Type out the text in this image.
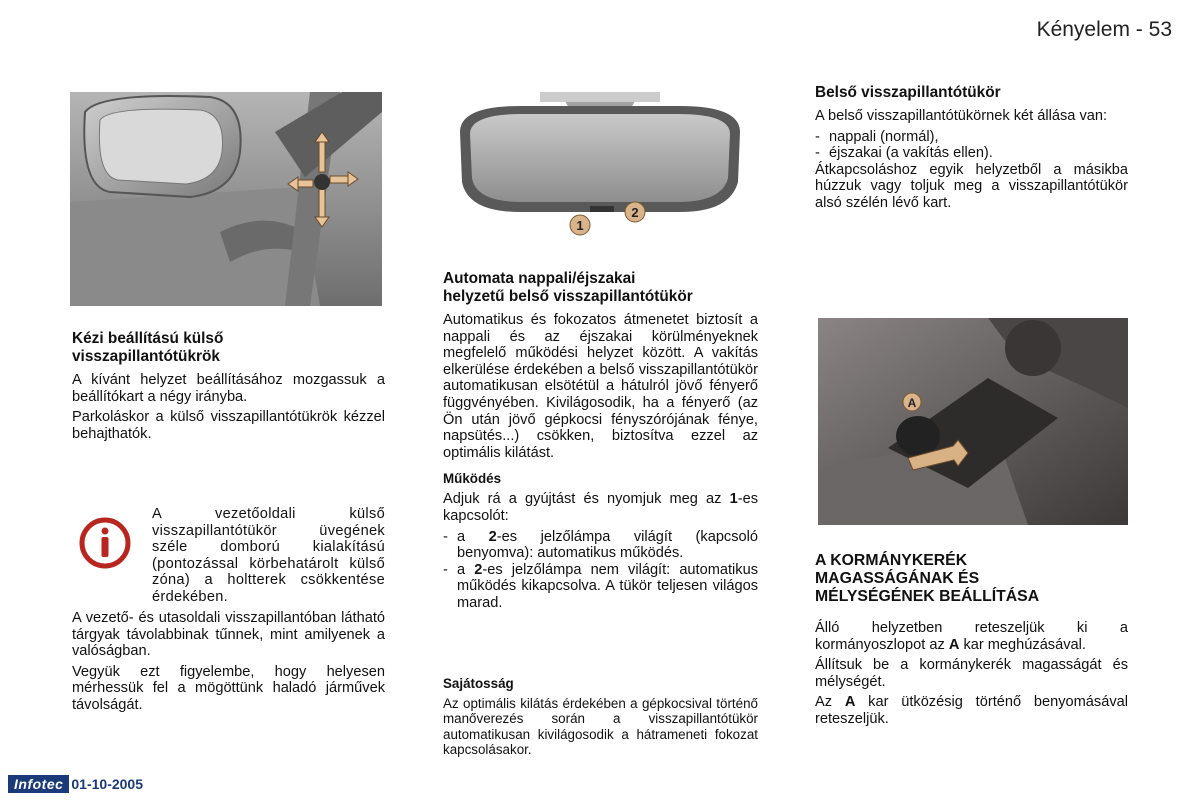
Kényelem - 53
Kézi beállítású külső
visszapillantótükrök

A kívánt helyzet beállításához mozgassuk a beállítókart a négy irányba.

Parkoláskor a külső visszapillantótükrök kézzel behajthatók.

A vezetőoldali külső visszapillantótükör üvegének széle domború kialakítású (pontozással körbehatárolt külső zóna) a holtterek csökkentése érdekében.

A vezető- és utasoldali visszapillantóban látható tárgyak távolabbinak tűnnek, mint amilyenek a valóságban.

Vegyük ezt figyelembe, hogy helyesen mérhessük fel a mögöttünk haladó járművek távolságát.

1
2
Automata nappali/éjszakai
helyzetű belső visszapillantótükör

Automatikus és fokozatos átmenetet biztosít a nappali és az éjszakai körülményeknek megfelelő működési helyzet között. A vakítás elkerülése érdekében a belső visszapillantótükör automatikusan elsötétül a hátulról jövő fényerő függvényében. Kivilágosodik, ha a fényerő (az Ön után jövő gépkocsi fényszórójának fénye, napsütés...) csökken, biztosítva ezzel az optimális kilátást.

Működés

Adjuk rá a gyújtást és nyomjuk meg az 1-es kapcsolót:

- a 2-es jelzőlámpa világít (kapcsoló benyomva): automatikus működés.
- a 2-es jelzőlámpa nem világít: automatikus működés kikapcsolva. A tükör teljesen világos marad.
Sajátosság

Az optimális kilátás érdekében a gépkocsival történő manőverezés során a visszapillantótükör automatikusan kivilágosodik a hátrameneti fokozat kapcsolásakor.

Belső visszapillantótükör

A belső visszapillantótükörnek két állása van:

- nappali (normál),
- éjszakai (a vakítás ellen).

Átkapcsoláshoz egyik helyzetből a másikba húzzuk vagy toljuk meg a visszapillantótükör alsó szélén lévő kart.

A
A KORMÁNYKERÉK
MAGASSÁGÁNAK ÉS
MÉLYSÉGÉNEK BEÁLLÍTÁSA

Álló helyzetben reteszeljük ki a kormányoszlopot az A kar meghúzásával.

Állítsuk be a kormánykerék magasságát és mélységét.

Az A kar ütközésig történő benyomásával reteszeljük.

Infotec 01-10-2005
